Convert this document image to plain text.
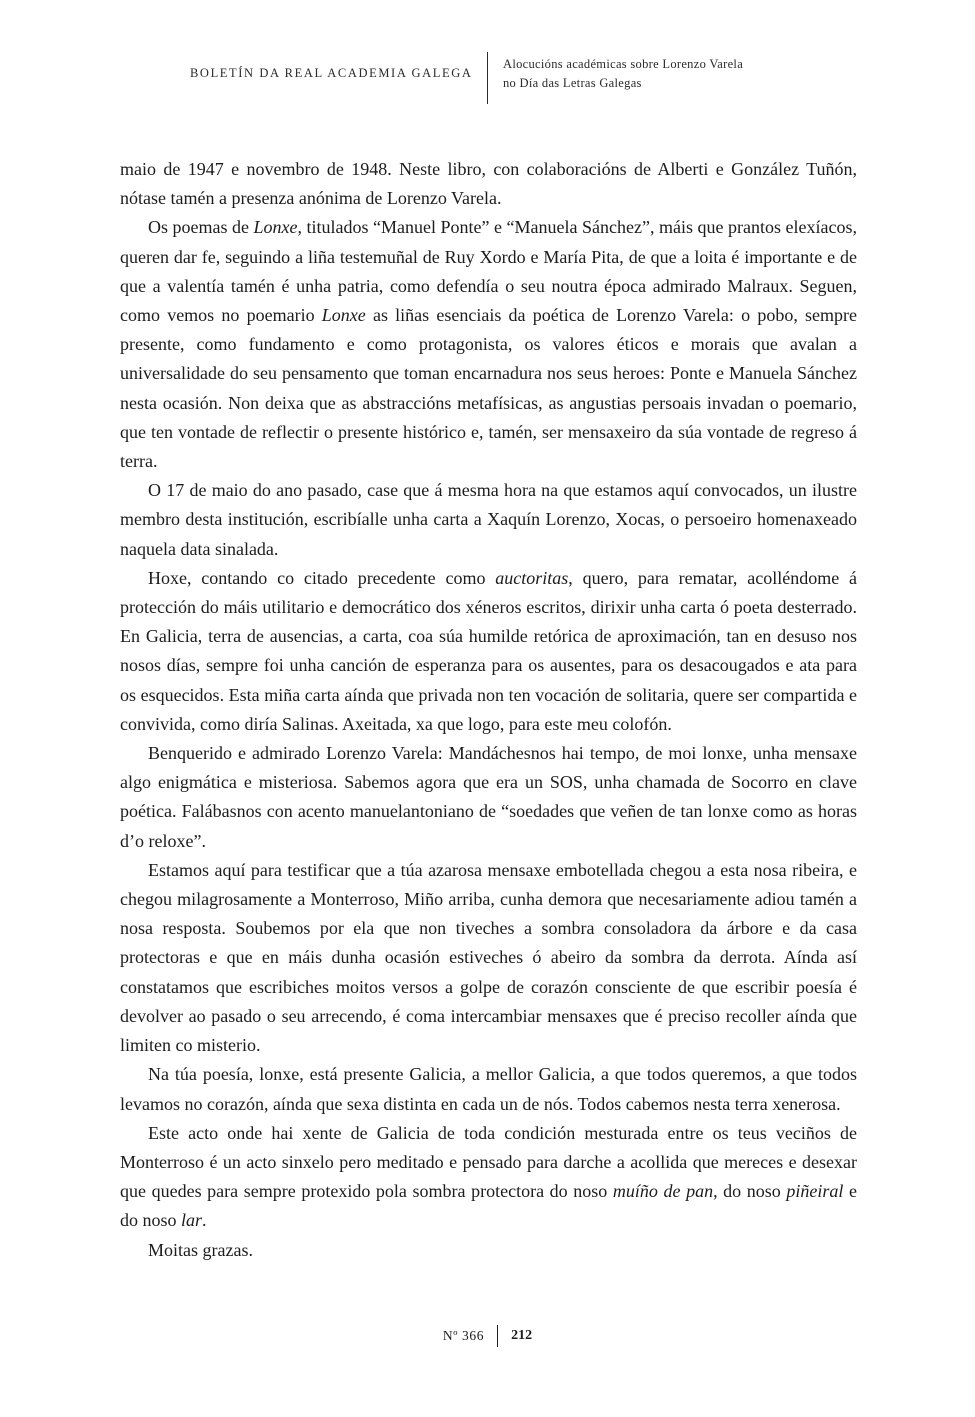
BOLETÍN DA REAL ACADEMIA GALEGA
Alocucións académicas sobre Lorenzo Varela
no Día das Letras Galegas

maio de 1947 e novembro de 1948. Neste libro, con colaboracións de Alberti e González Tuñón, nótase tamén a presenza anónima de Lorenzo Varela.

Os poemas de Lonxe, titulados “Manuel Ponte” e “Manuela Sánchez”, máis que prantos elexíacos, queren dar fe, seguindo a liña testemuñal de Ruy Xordo e María Pita, de que a loita é importante e de que a valentía tamén é unha patria, como defendía o seu noutra época admirado Malraux. Seguen, como vemos no poemario Lonxe as liñas esenciais da poética de Lorenzo Varela: o pobo, sempre presente, como fundamento e como protagonista, os valores éticos e morais que avalan a universalidade do seu pensamento que toman encarnadura nos seus heroes: Ponte e Manuela Sánchez nesta ocasión. Non deixa que as abstraccións metafísicas, as angustias persoais invadan o poemario, que ten vontade de reflectir o presente histórico e, tamén, ser mensaxeiro da súa vontade de regreso á terra.

O 17 de maio do ano pasado, case que á mesma hora na que estamos aquí convocados, un ilustre membro desta institución, escribíalle unha carta a Xaquín Lorenzo, Xocas, o persoeiro homenaxeado naquela data sinalada.

Hoxe, contando co citado precedente como auctoritas, quero, para rematar, acolléndome á protección do máis utilitario e democrático dos xéneros escritos, dirixir unha carta ó poeta desterrado. En Galicia, terra de ausencias, a carta, coa súa humilde retórica de aproximación, tan en desuso nos nosos días, sempre foi unha canción de esperanza para os ausentes, para os desacougados e ata para os esquecidos. Esta miña carta aínda que privada non ten vocación de solitaria, quere ser compartida e convivida, como diría Salinas. Axeitada, xa que logo, para este meu colofón.

Benquerido e admirado Lorenzo Varela: Mandáchesnos hai tempo, de moi lonxe, unha mensaxe algo enigmática e misteriosa. Sabemos agora que era un SOS, unha chamada de Socorro en clave poética. Falábasnos con acento manuelantoniano de “soedades que veñen de tan lonxe como as horas d’o reloxe”.

Estamos aquí para testificar que a túa azarosa mensaxe embotellada chegou a esta nosa ribeira, e chegou milagrosamente a Monterroso, Miño arriba, cunha demora que necesariamente adiou tamén a nosa resposta. Soubemos por ela que non tiveches a sombra consoladora da árbore e da casa protectoras e que en máis dunha ocasión estiveches ó abeiro da sombra da derrota. Aínda así constatamos que escribiches moitos versos a golpe de corazón consciente de que escribir poesía é devolver ao pasado o seu arrecendo, é coma intercambiar mensaxes que é preciso recoller aínda que limiten co misterio.

Na túa poesía, lonxe, está presente Galicia, a mellor Galicia, a que todos queremos, a que todos levamos no corazón, aínda que sexa distinta en cada un de nós. Todos cabemos nesta terra xenerosa.

Este acto onde hai xente de Galicia de toda condición mesturada entre os teus veciños de Monterroso é un acto sinxelo pero meditado e pensado para darche a acollida que mereces e desexar que quedes para sempre protexido pola sombra protectora do noso muíño de pan, do noso piñeiral e do noso lar.

Moitas grazas.

Nº 366	212
